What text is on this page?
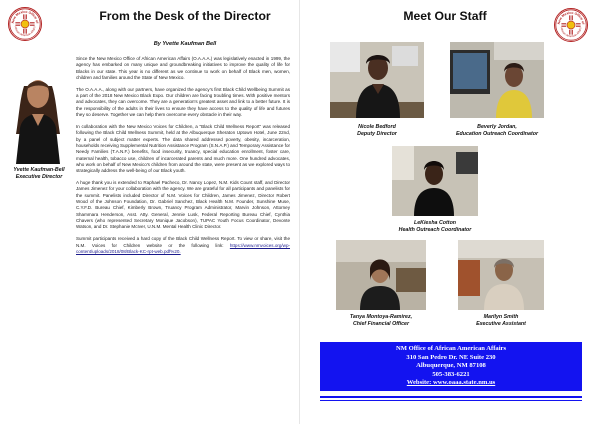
New Mexico Office of
African American Affairs
From the Desk of the Director
By Yvette Kaufman Bell
Yvette Kaufman-Bell
Executive Director

Since the New Mexico Office of African American Affairs (O.A.A.A.) was legislatively enacted in 1999, the agency has embarked on many unique and groundbreaking initiatives to improve the quality of life for Blacks in our state. This year is no different as we continue to work on behalf of Black men, women, children and families around the State of New Mexico.

The O.A.A.A., along with our partners, have organized the agency's first Black Child Wellbeing Summit as a part of the 2018 New Mexico Black Expo. Our children are facing troubling times. With positive mentors and advocates, they can overcome. They are a generation's greatest asset and link to a better future. It is the responsibility of the adults in their lives to ensure they have access to the quality of life and futures they so deserve. Together we can help them overcome every obstacle in their way.

In collaboration with the New Mexico Voices for Children, a "Black Child Wellness Report" was released following the Black Child Wellness Summit, held at the Albuquerque Sheraton Uptown Hotel, June 22nd, by a panel of subject matter experts. The data shared addressed poverty, obesity, incarceration, households receiving Supplemental Nutrition Assistance Program (S.N.A.P.) and Temporary Assistance for Needy Families (T.A.N.F.) benefits, food insecurity, truancy, special education enrollment, foster care, maternal health, tobacco use, children of incarcerated parents and much more. One hundred advocates, who work on behalf of New Mexico's children from around the state, were present as we explored ways to strategically address the well-being of our Black youth.

A huge thank you is extended to Raphael Pacheco, Dr. Nancy Lopez, N.M. Kids Count staff, and Director James Jimenez for your collaboration with the agency. We are grateful for all participants and panelists for the summit. Panelists included Director of N.M. Voices for Children, James Jimenez, Director Robert Wood of the Johnson Foundation, Dr. Gabriel Sanchez, Black Health N.M. Founder, Sunshine Muse, C.Y.F.D. Bureau Chief, Kimberly Brown, Truancy Program Administrator, Marvin Johnson, Attorney Shammara Henderson, Asst. Atty. General, Jennie Lusk, Federal Reporting Bureau Chief, Cynthia Chavers (who represented Secretary Monique Jacobson), TUPAC Youth Focus Coordinator, Devonte Watson, and Dr. Stephanie McIver, U.N.M. Mental Health Clinic Director.

Summit participants received a hard copy of the Black Child Wellness Report. To view or share, visit the N.M. Voices for Children website or the following link: https://www.nmvoices.org/wp-content/uploads/2018/08/Black-KC-rpt-web.pdf%20.

Meet Our Staff
New Mexico Office of
African American Affairs
Nicole Bedford
Deputy Director
Beverly Jordan,
Education Outreach Coordinator
LeKiesha Cotton
Health Outreach Coordinator
Tanya Montoya-Ramirez,
Chief Financial Officer
Marilyn Smith
Executive Assistant
NM Office of African American Affairs
310 San Pedro Dr. NE Suite 230
Albuquerque, NM 87108
505-383-6221
Website: www.oaaa.state.nm.us
